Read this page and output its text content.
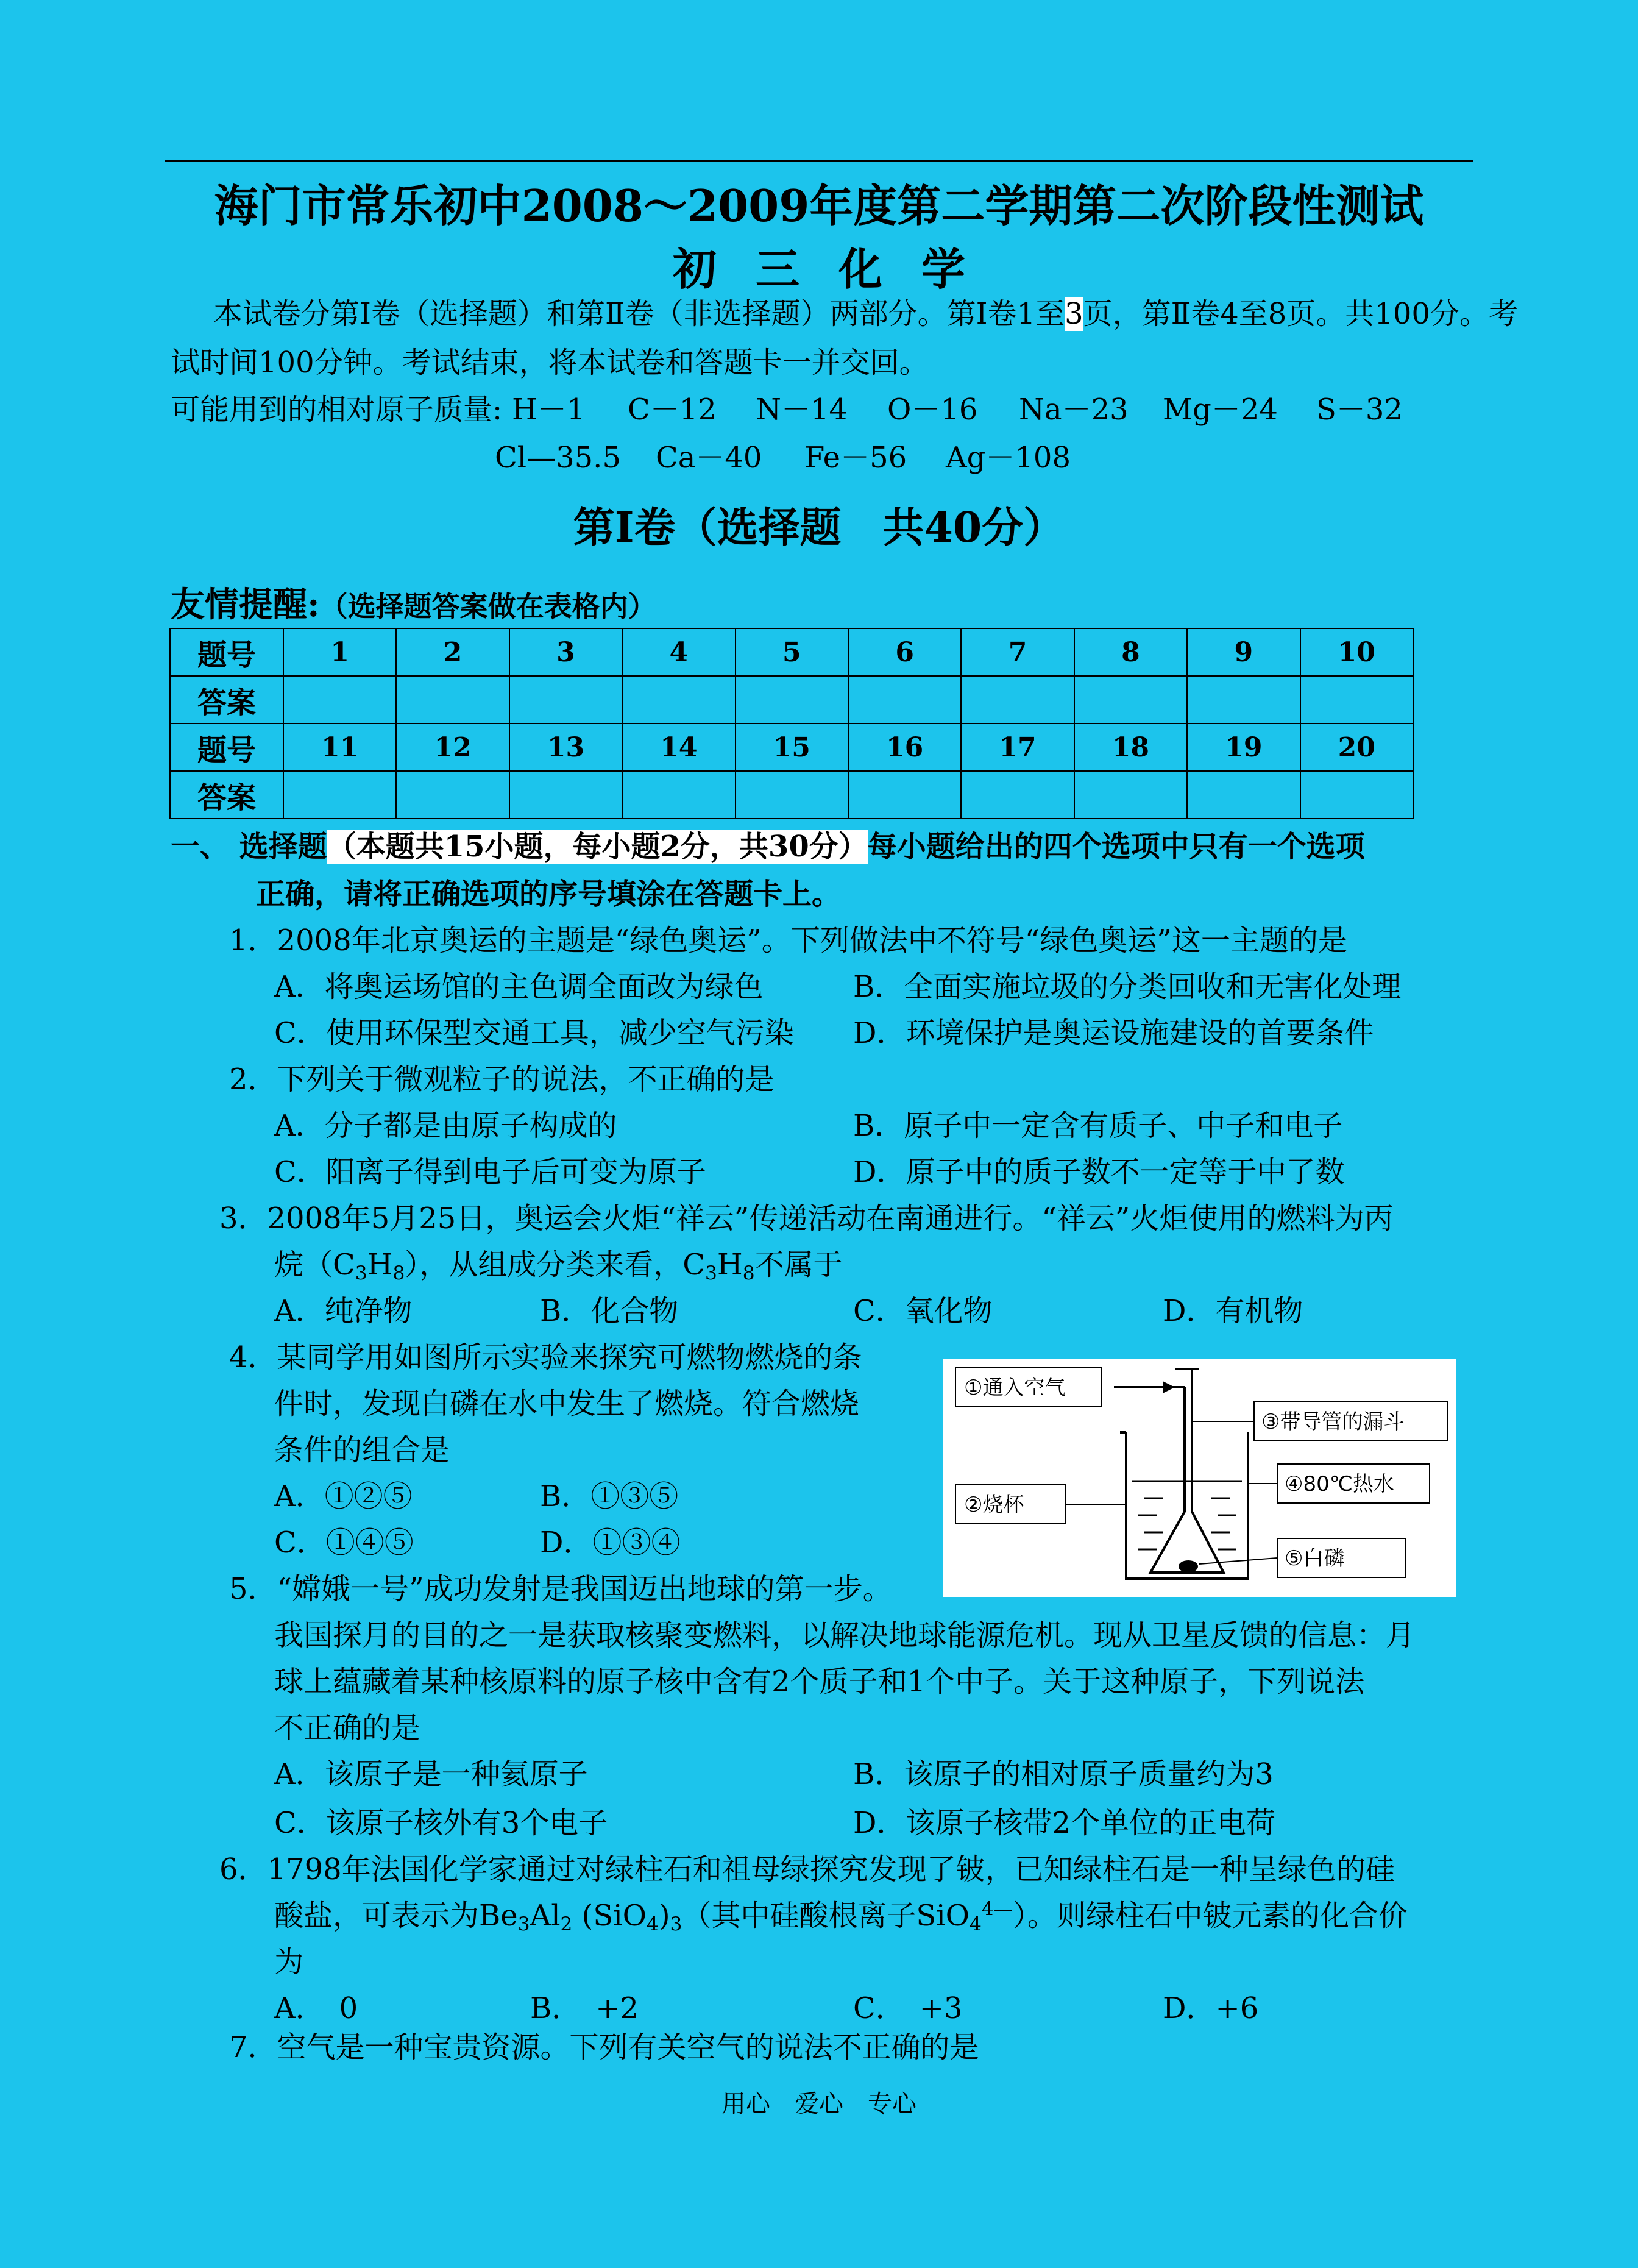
海门市常乐初中2008～2009年度第二学期第二次阶段性测试
初三化学
本试卷分第Ⅰ卷（选择题）和第Ⅱ卷（非选择题）两部分。第Ⅰ卷1至3页，第Ⅱ卷4至8页。共100分。考
试时间100分钟。考试结束，将本试卷和答题卡一并交回。
可能用到的相对原子质量: H－1 C－12 N－14 O－16 Na－23 Mg－24 S－32
Cl—35.5 Ca－40 Fe－56 Ag－108
第Ⅰ卷（选择题　共40分）
友情提醒:（选择题答案做在表格内）
题号	1	2	3	4	5	6	7	8	9	10
答案										
题号	11	12	13	14	15	16	17	18	19	20
答案										
一、 选择题（本题共15小题，每小题2分，共30分）每小题给出的四个选项中只有一个选项
正确，请将正确选项的序号填涂在答题卡上。
1．2008年北京奥运的主题是“绿色奥运”。下列做法中不符号“绿色奥运”这一主题的是
A．将奥运场馆的主色调全面改为绿色	B．全面实施垃圾的分类回收和无害化处理
C．使用环保型交通工具，减少空气污染 D．环境保护是奥运设施建设的首要条件
2．下列关于微观粒子的说法，不正确的是
A．分子都是由原子构成的	B．原子中一定含有质子、中子和电子
C．阳离子得到电子后可变为原子	D．原子中的质子数不一定等于中了数
3．2008年5月25日，奥运会火炬“祥云”传递活动在南通进行。“祥云”火炬使用的燃料为丙
烷$(C_3H_8)$，从组成分类来看，$C_3H_8$不属于
A．纯净物	B．化合物	C．氧化物	D．有机物
4．某同学用如图所示实验来探究可燃物燃烧的条
件时，发现白磷在水中发生了燃烧。符合燃烧
条件的组合是
A．①②⑤	B．①③⑤
C．①④⑤	D．①③④
①通入空气
②烧杯
③带导管的漏斗
④80℃热水
⑤白磷
5．“嫦娥一号”成功发射是我国迈出地球的第一步。
我国探月的目的之一是获取核聚变燃料，以解决地球能源危机。现从卫星反馈的信息：月
球上蕴藏着某种核原料的原子核中含有2个质子和1个中子。关于这种原子，下列说法
不正确的是
A．该原子是一种氦原子	B．该原子的相对原子质量约为3
C．该原子核外有3个电子	D．该原子核带2个单位的正电荷
6．1798年法国化学家通过对绿柱石和祖母绿探究发现了铍，已知绿柱石是一种呈绿色的硅
酸盐，可表示为$Be_3Al_2$ $(SiO_4)_3$（其中硅酸根离子SiO$_4^{4—}$）。则绿柱石中铍元素的化合价
为
A．　0	B．　+2	C．　+3	D．+6
7．空气是一种宝贵资源。下列有关空气的说法不正确的是
用心　爱心　专心
